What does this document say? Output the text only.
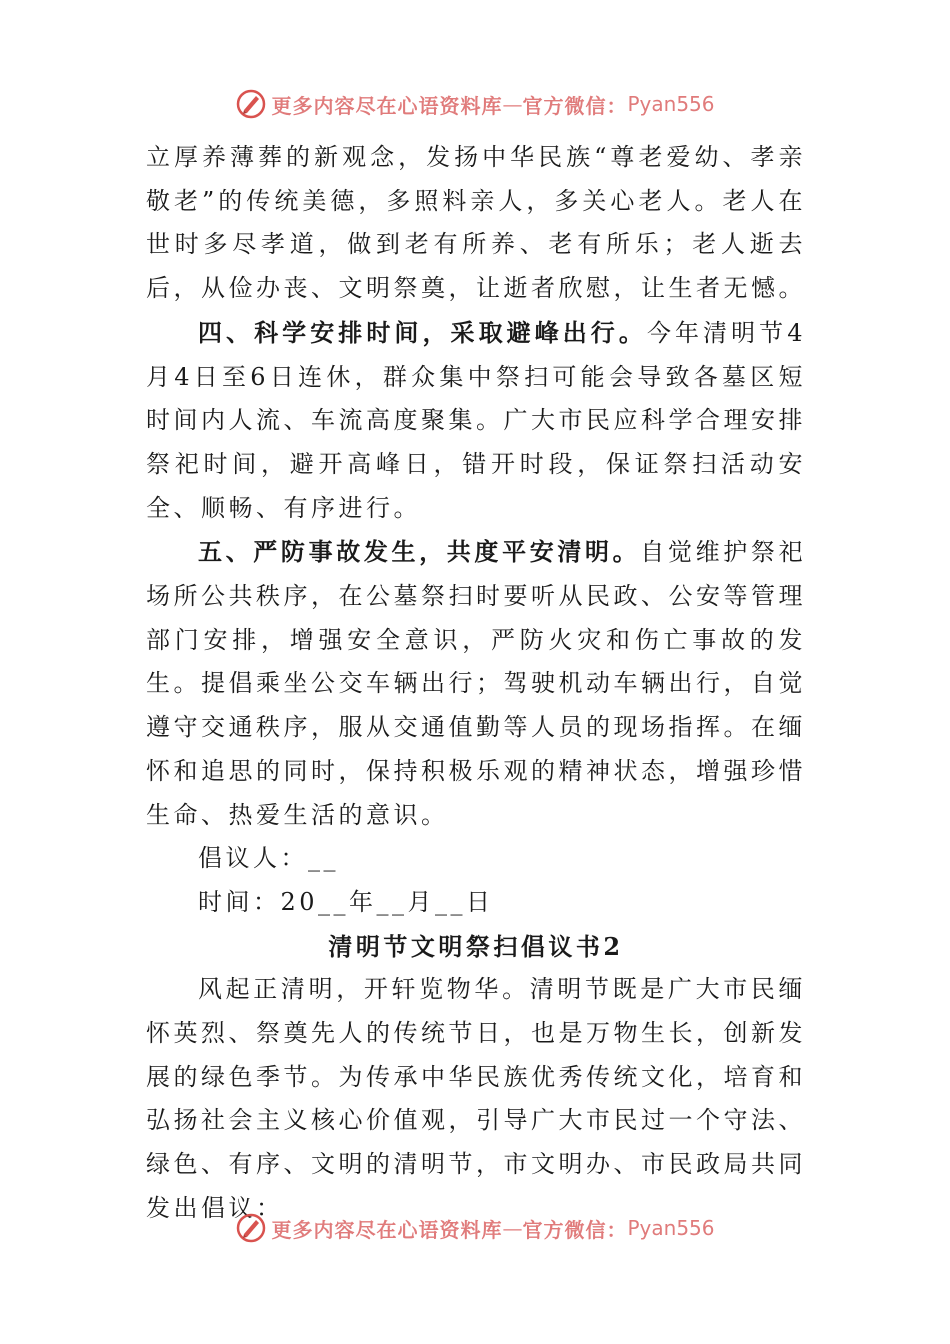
更多内容尽在心语资料库 — 官方微信： Pyan556

立厚养薄葬的新观念，发扬中华民族“尊老爱幼、孝亲敬老”的传统美德，多照料亲人，多关心老人。老人在世时多尽孝道，做到老有所养、老有所乐；老人逝去后，从俭办丧、文明祭奠，让逝者欣慰，让生者无憾。

四、科学安排时间，采取避峰出行。今年清明节4月4日至6日连休，群众集中祭扫可能会导致各墓区短时间内人流、车流高度聚集。广大市民应科学合理安排祭祀时间，避开高峰日，错开时段，保证祭扫活动安全、顺畅、有序进行。

五、严防事故发生，共度平安清明。自觉维护祭祀场所公共秩序，在公墓祭扫时要听从民政、公安等管理部门安排，增强安全意识，严防火灾和伤亡事故的发生。提倡乘坐公交车辆出行；驾驶机动车辆出行，自觉遵守交通秩序，服从交通值勤等人员的现场指挥。在缅怀和追思的同时，保持积极乐观的精神状态，增强珍惜生命、热爱生活的意识。

倡议人：__

时间：20__年__月__日

清明节文明祭扫倡议书2

风起正清明，开轩览物华。清明节既是广大市民缅怀英烈、祭奠先人的传统节日，也是万物生长，创新发展的绿色季节。为传承中华民族优秀传统文化，培育和弘扬社会主义核心价值观，引导广大市民过一个守法、绿色、有序、文明的清明节，市文明办、市民政局共同发出倡议：

更多内容尽在心语资料库 — 官方微信： Pyan556
